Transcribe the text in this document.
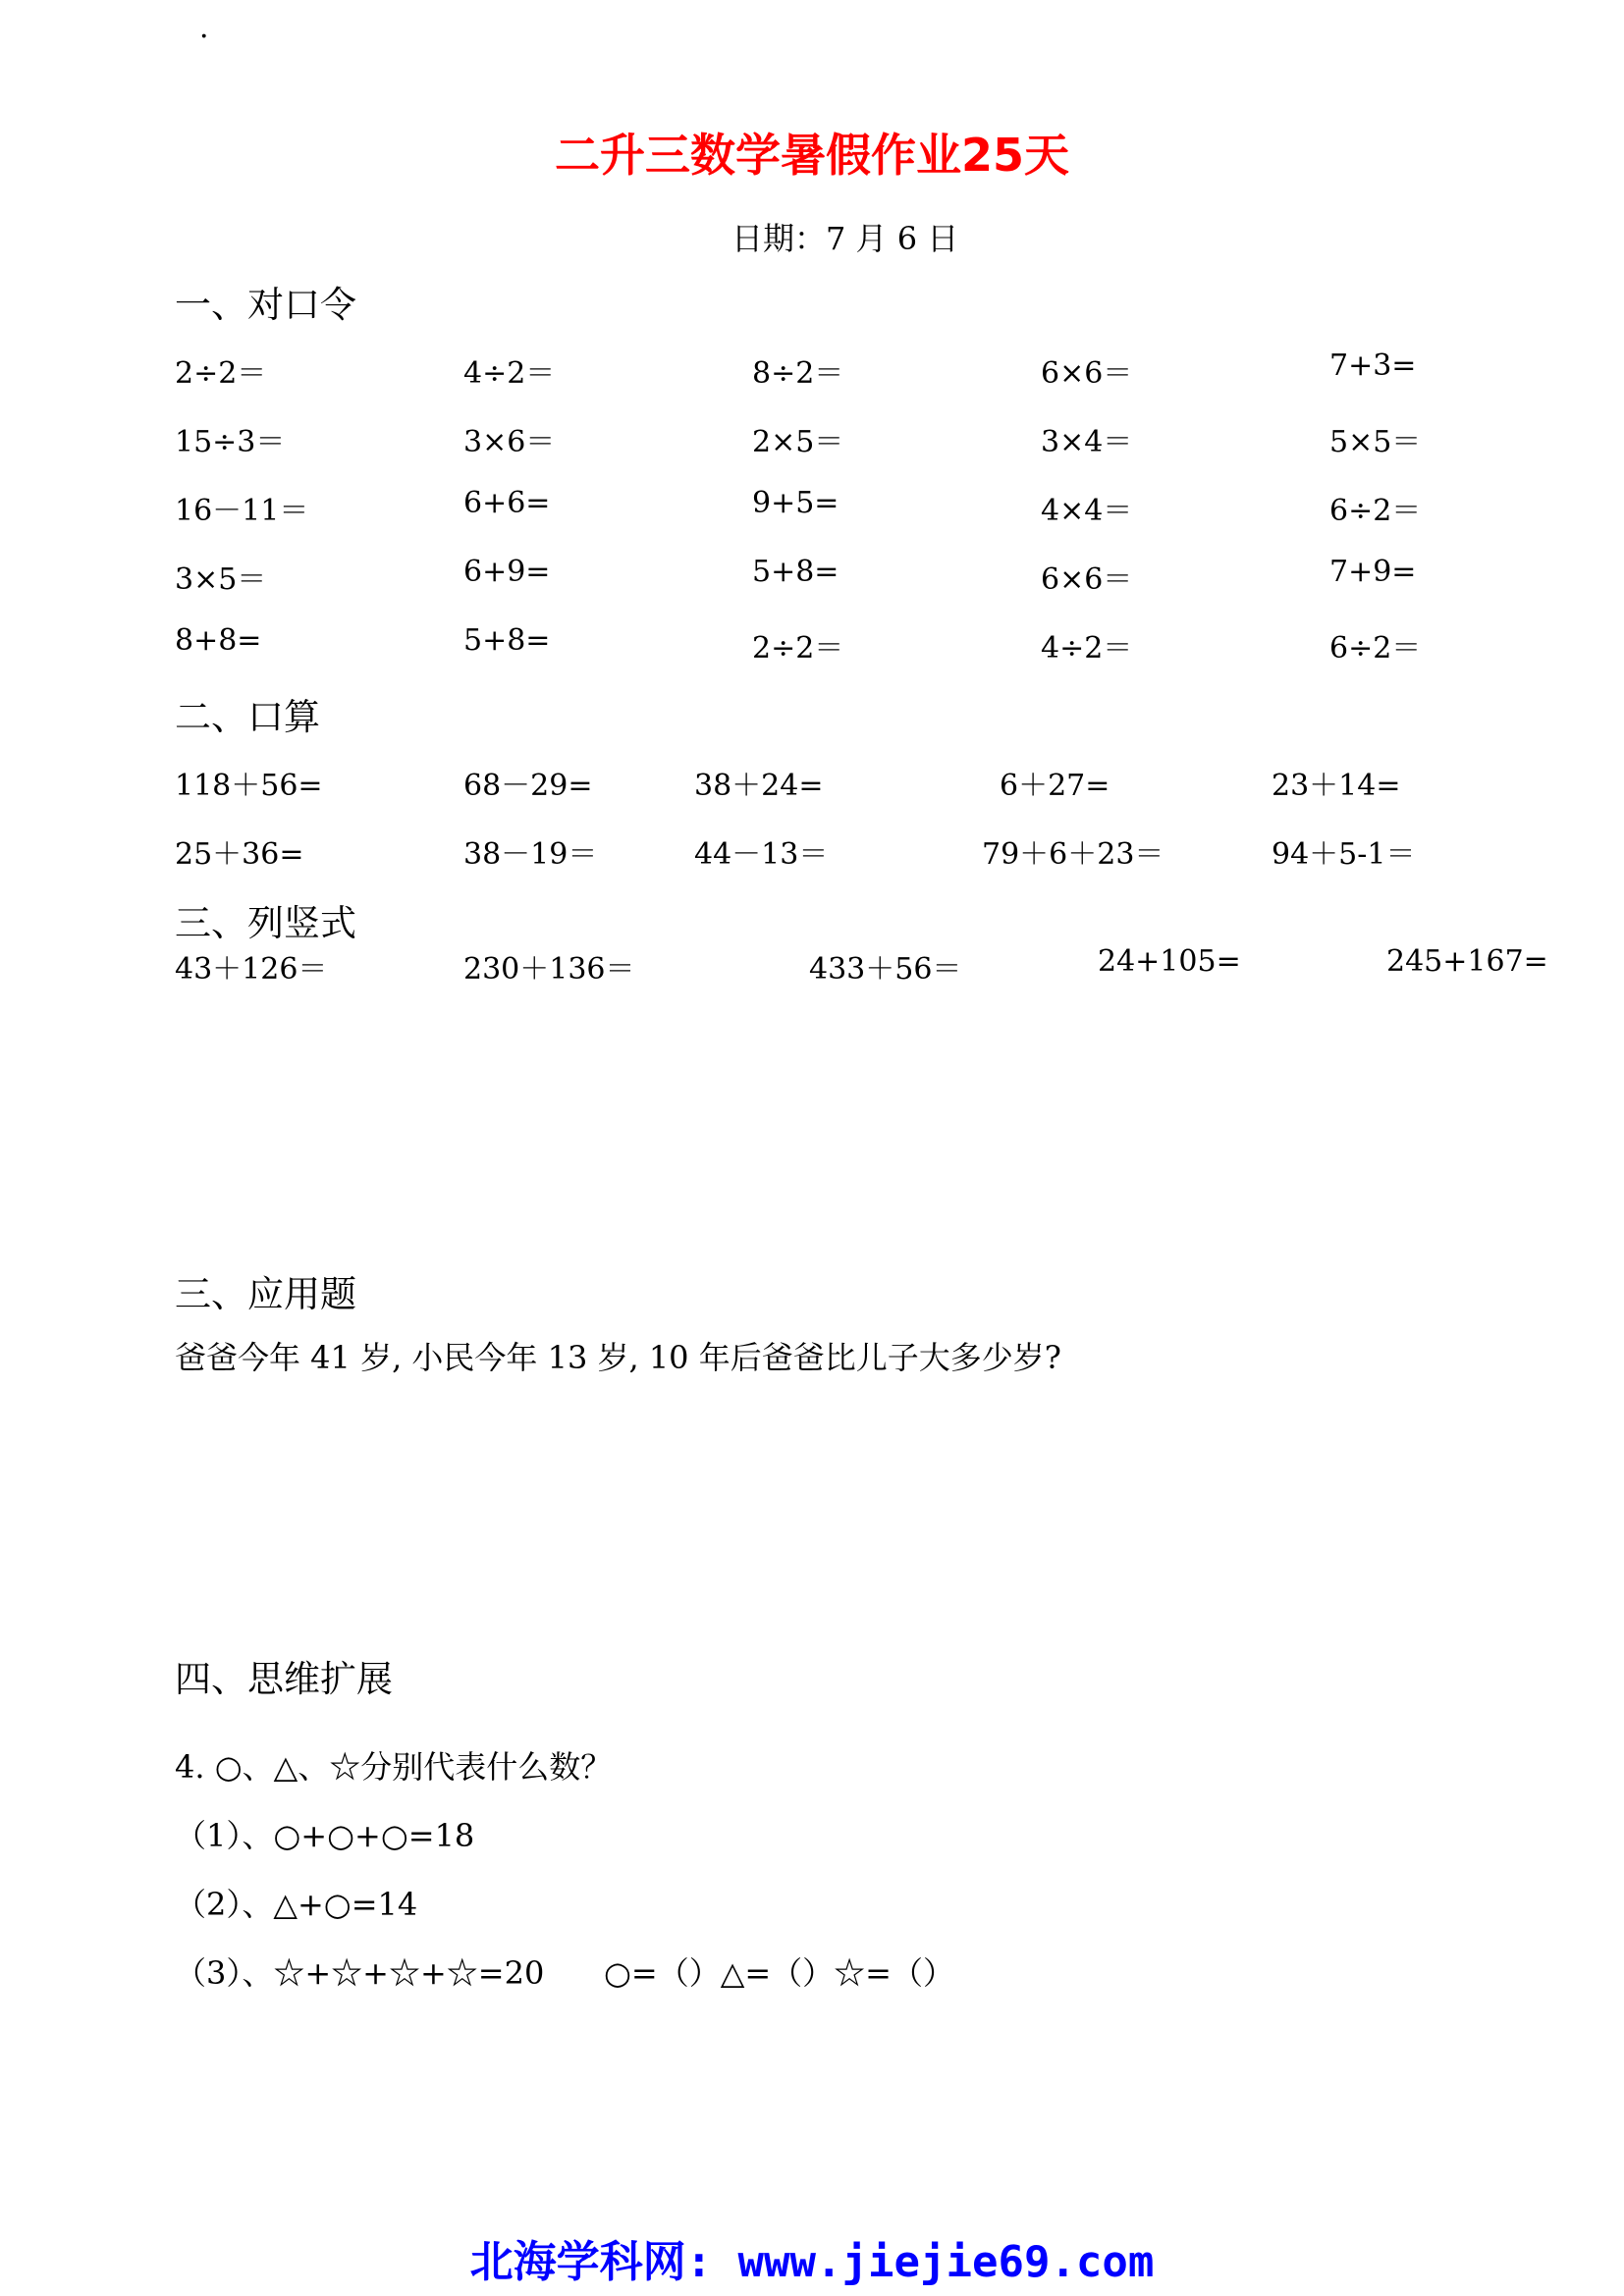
·
二升三数学暑假作业25天
日期：7 月 6 日
一、对口令
2÷2＝	4÷2＝	8÷2＝	6×6＝	7+3=
15÷3＝	3×6＝	2×5＝	3×4＝	5×5＝
16－11＝	6+6=	9+5=	4×4＝	6÷2＝
3×5＝	6+9=	5+8=	6×6＝	7+9=
8+8=	5+8=	2÷2＝	4÷2＝	6÷2＝
二、口算
118＋56=	68－29=	38＋24=	6＋27=	23＋14=
25＋36=	38－19＝	44－13＝	79＋6＋23＝	94＋5-1＝
三、列竖式
43＋126＝	230＋136＝	433＋56＝	24+105=	245+167=
三、应用题
爸爸今年 41 岁, 小民今年 13 岁, 10 年后爸爸比儿子大多少岁?
四、思维扩展
4. ○、△、☆分别代表什么数？
（1）、○+○+○=18
（2）、△+○=14
（3）、☆+☆+☆+☆=20 ○=（）△=（）☆=（）
北海学科网: www.jiejie69.com
